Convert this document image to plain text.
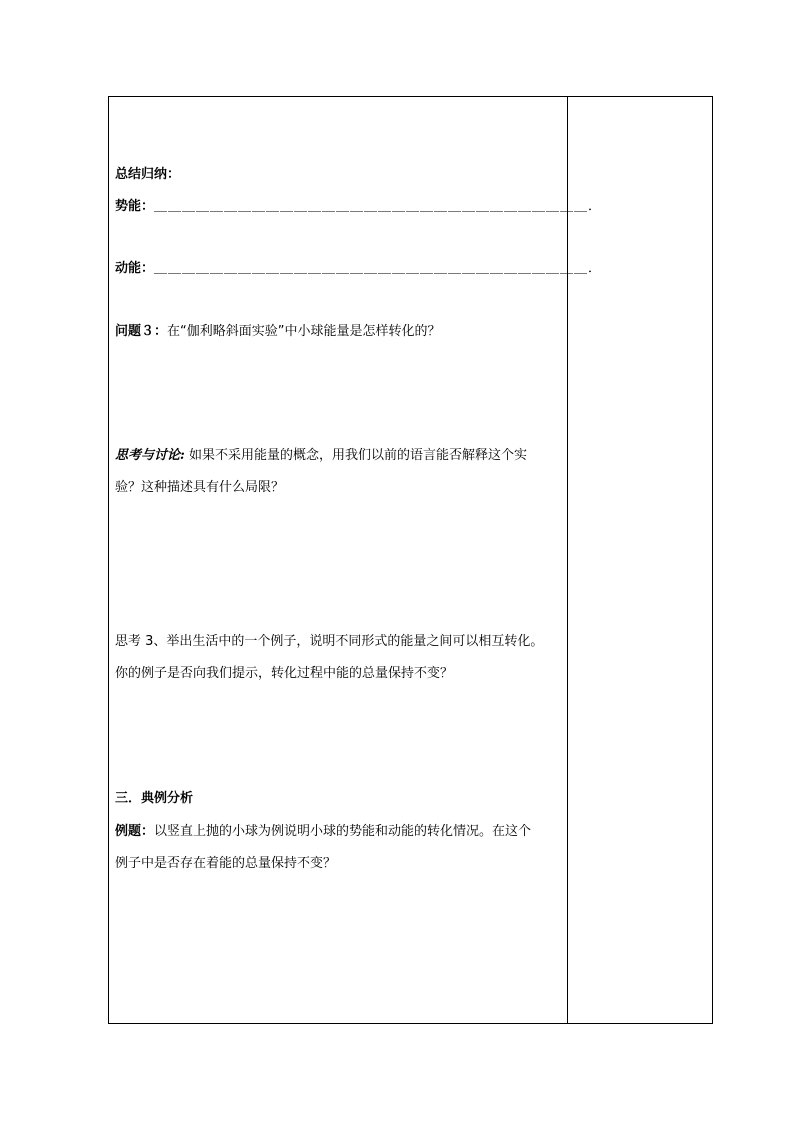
总结归纳：
势能：＿＿＿＿＿＿＿＿＿＿＿＿＿＿＿＿＿＿＿＿＿＿＿＿＿＿＿＿＿＿＿．
动能：＿＿＿＿＿＿＿＿＿＿＿＿＿＿＿＿＿＿＿＿＿＿＿＿＿＿＿＿＿＿＿．
问题３：在“伽利略斜面实验”中小球能量是怎样转化的？
思考与讨论: 如果不采用能量的概念，用我们以前的语言能否解释这个实
验？这种描述具有什么局限？
思考 3、举出生活中的一个例子，说明不同形式的能量之间可以相互转化。
你的例子是否向我们提示，转化过程中能的总量保持不变？
三．典例分析
例题：以竖直上抛的小球为例说明小球的势能和动能的转化情况。在这个
例子中是否存在着能的总量保持不变？
